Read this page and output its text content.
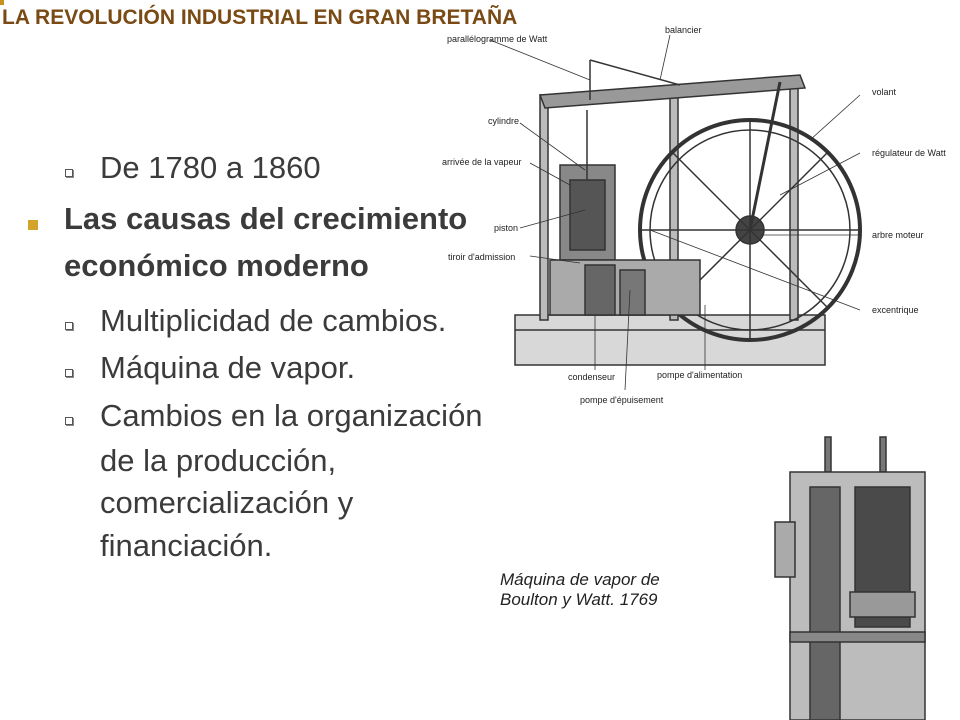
LA REVOLUCIÓN INDUSTRIAL EN GRAN BRETAÑA
De 1780 a 1860
Las causas del crecimiento
económico moderno
Multiplicidad de cambios.
Máquina de vapor.
Cambios en la organización
de la producción,
comercialización y
financiación.
parallélogramme de Watt
balancier
volant
cylindre
régulateur de Watt
arrivée de la vapeur
arbre moteur
piston
tiroir d'admission
excentrique
condenseur	pompe d'alimentation
pompe d'épuisement
Máquina de vapor de
Boulton y Watt. 1769
